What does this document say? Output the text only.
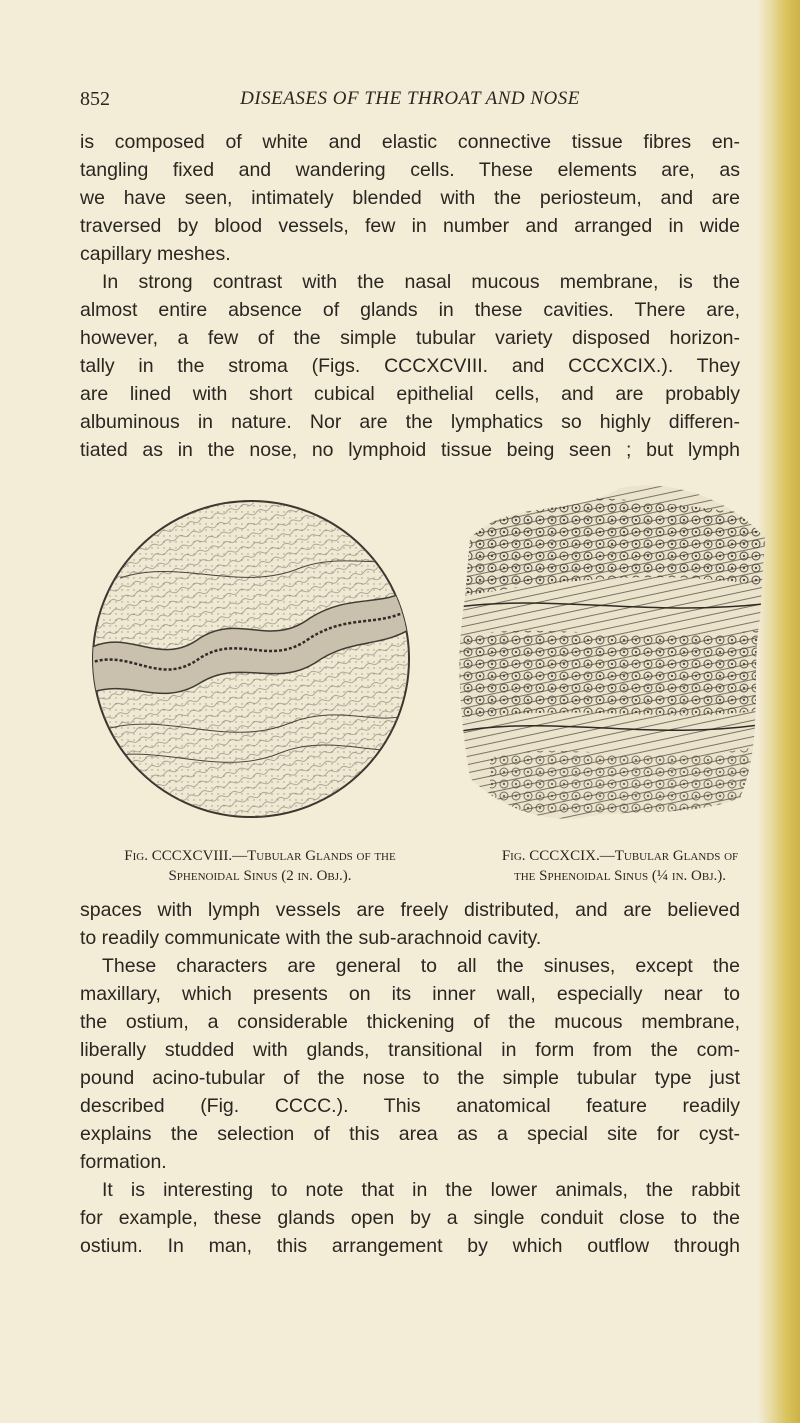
852	DISEASES OF THE THROAT AND NOSE
is composed of white and elastic connective tissue fibres en-
tangling fixed and wandering cells. These elements are, as
we have seen, intimately blended with the periosteum, and are
traversed by blood vessels, few in number and arranged in wide
capillary meshes.
In strong contrast with the nasal mucous membrane, is the
almost entire absence of glands in these cavities. There are,
however, a few of the simple tubular variety disposed horizon-
tally in the stroma (Figs. CCCXCVIII. and CCCXCIX.). They
are lined with short cubical epithelial cells, and are probably
albuminous in nature. Nor are the lymphatics so highly differen-
tiated as in the nose, no lymphoid tissue being seen ; but lymph
Fig. CCCXCVIII.—Tubular Glands of the
Sphenoidal Sinus (2 in. Obj.).
Fig. CCCXCIX.—Tubular Glands of
the Sphenoidal Sinus (¼ in. Obj.).
spaces with lymph vessels are freely distributed, and are believed
to readily communicate with the sub-arachnoid cavity.
These characters are general to all the sinuses, except the
maxillary, which presents on its inner wall, especially near to
the ostium, a considerable thickening of the mucous membrane,
liberally studded with glands, transitional in form from the com-
pound acino-tubular of the nose to the simple tubular type just
described (Fig. CCCC.). This anatomical feature readily
explains the selection of this area as a special site for cyst-
formation.
It is interesting to note that in the lower animals, the rabbit
for example, these glands open by a single conduit close to the
ostium. In man, this arrangement by which outflow through
